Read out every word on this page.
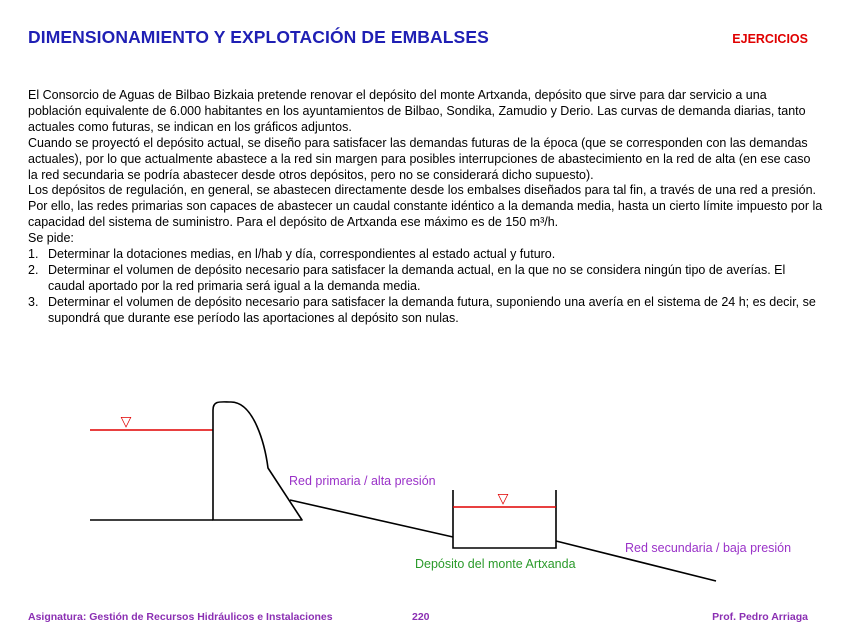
DIMENSIONAMIENTO Y EXPLOTACIÓN DE EMBALSES	EJERCICIOS

El Consorcio de Aguas de Bilbao Bizkaia pretende renovar el depósito del monte Artxanda, depósito que sirve para dar servicio a una población equivalente de 6.000 habitantes en los ayuntamientos de Bilbao, Sondika, Zamudio y Derio. Las curvas de demanda diarias, tanto actuales como futuras, se indican en los gráficos adjuntos.

Cuando se proyectó el depósito actual, se diseño para satisfacer las demandas futuras de la época (que se corresponden con las demandas actuales), por lo que actualmente abastece a la red sin margen para posibles interrupciones de abastecimiento en la red de alta (en ese caso la red secundaria se podría abastecer desde otros depósitos, pero no se considerará dicho supuesto).

Los depósitos de regulación, en general, se abastecen directamente desde los embalses diseñados para tal fin, a través de una red a presión. Por ello, las redes primarias son capaces de abastecer un caudal constante idéntico a la demanda media, hasta un cierto límite impuesto por la capacidad del sistema de suministro. Para el depósito de Artxanda ese máximo es de 150 m³/h.

Se pide:

1. Determinar la dotaciones medias, en l/hab y día, correspondientes al estado actual y futuro.
2. Determinar el volumen de depósito necesario para satisfacer la demanda actual, en la que no se considera ningún tipo de averías. El caudal aportado por la red primaria será igual a la demanda media.
3. Determinar el volumen de depósito necesario para satisfacer la demanda futura, suponiendo una avería en el sistema de 24 h; es decir, se supondrá que durante ese período las aportaciones al depósito son nulas.
▽
▽
Red primaria / alta presión
Depósito del monte Artxanda
Red secundaria / baja presión
Asignatura: Gestión de Recursos Hidráulicos e Instalaciones	220	Prof. Pedro Arriaga
